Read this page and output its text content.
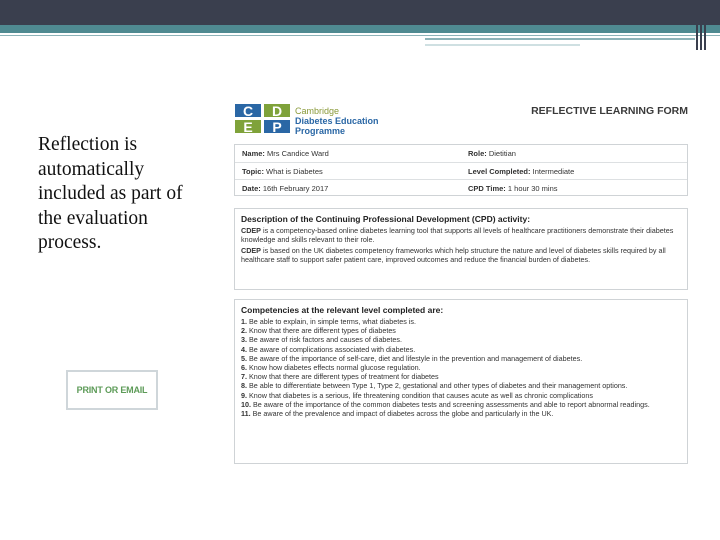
Reflection is automatically included as part of the evaluation process.
PRINT OR EMAIL
C	D
E	P
Cambridge
Diabetes Education
Programme
REFLECTIVE LEARNING FORM
Name: Mrs Candice Ward	Role: Dietitian
Topic: What is Diabetes	Level Completed: Intermediate
Date: 16th February 2017	CPD Time: 1 hour 30 mins
Description of the Continuing Professional Development (CPD) activity:
CDEP is a competency-based online diabetes learning tool that supports all levels of healthcare practitioners demonstrate their diabetes knowledge and skills relevant to their role.
CDEP is based on the UK diabetes competency frameworks which help structure the nature and level of diabetes skills required by all healthcare staff to support safer patient care, improved outcomes and reduce the financial burden of diabetes.
Competencies at the relevant level completed are:
1. Be able to explain, in simple terms, what diabetes is.
2. Know that there are different types of diabetes
3. Be aware of risk factors and causes of diabetes.
4. Be aware of complications associated with diabetes.
5. Be aware of the importance of self-care, diet and lifestyle in the prevention and management of diabetes.
6. Know how diabetes effects normal glucose regulation.
7. Know that there are different types of treatment for diabetes
8. Be able to differentiate between Type 1, Type 2, gestational and other types of diabetes and their management options.
9. Know that diabetes is a serious, life threatening condition that causes acute as well as chronic complications
10. Be aware of the importance of the common diabetes tests and screening assessments and able to report abnormal readings.
11. Be aware of the prevalence and impact of diabetes across the globe and particularly in the UK.
